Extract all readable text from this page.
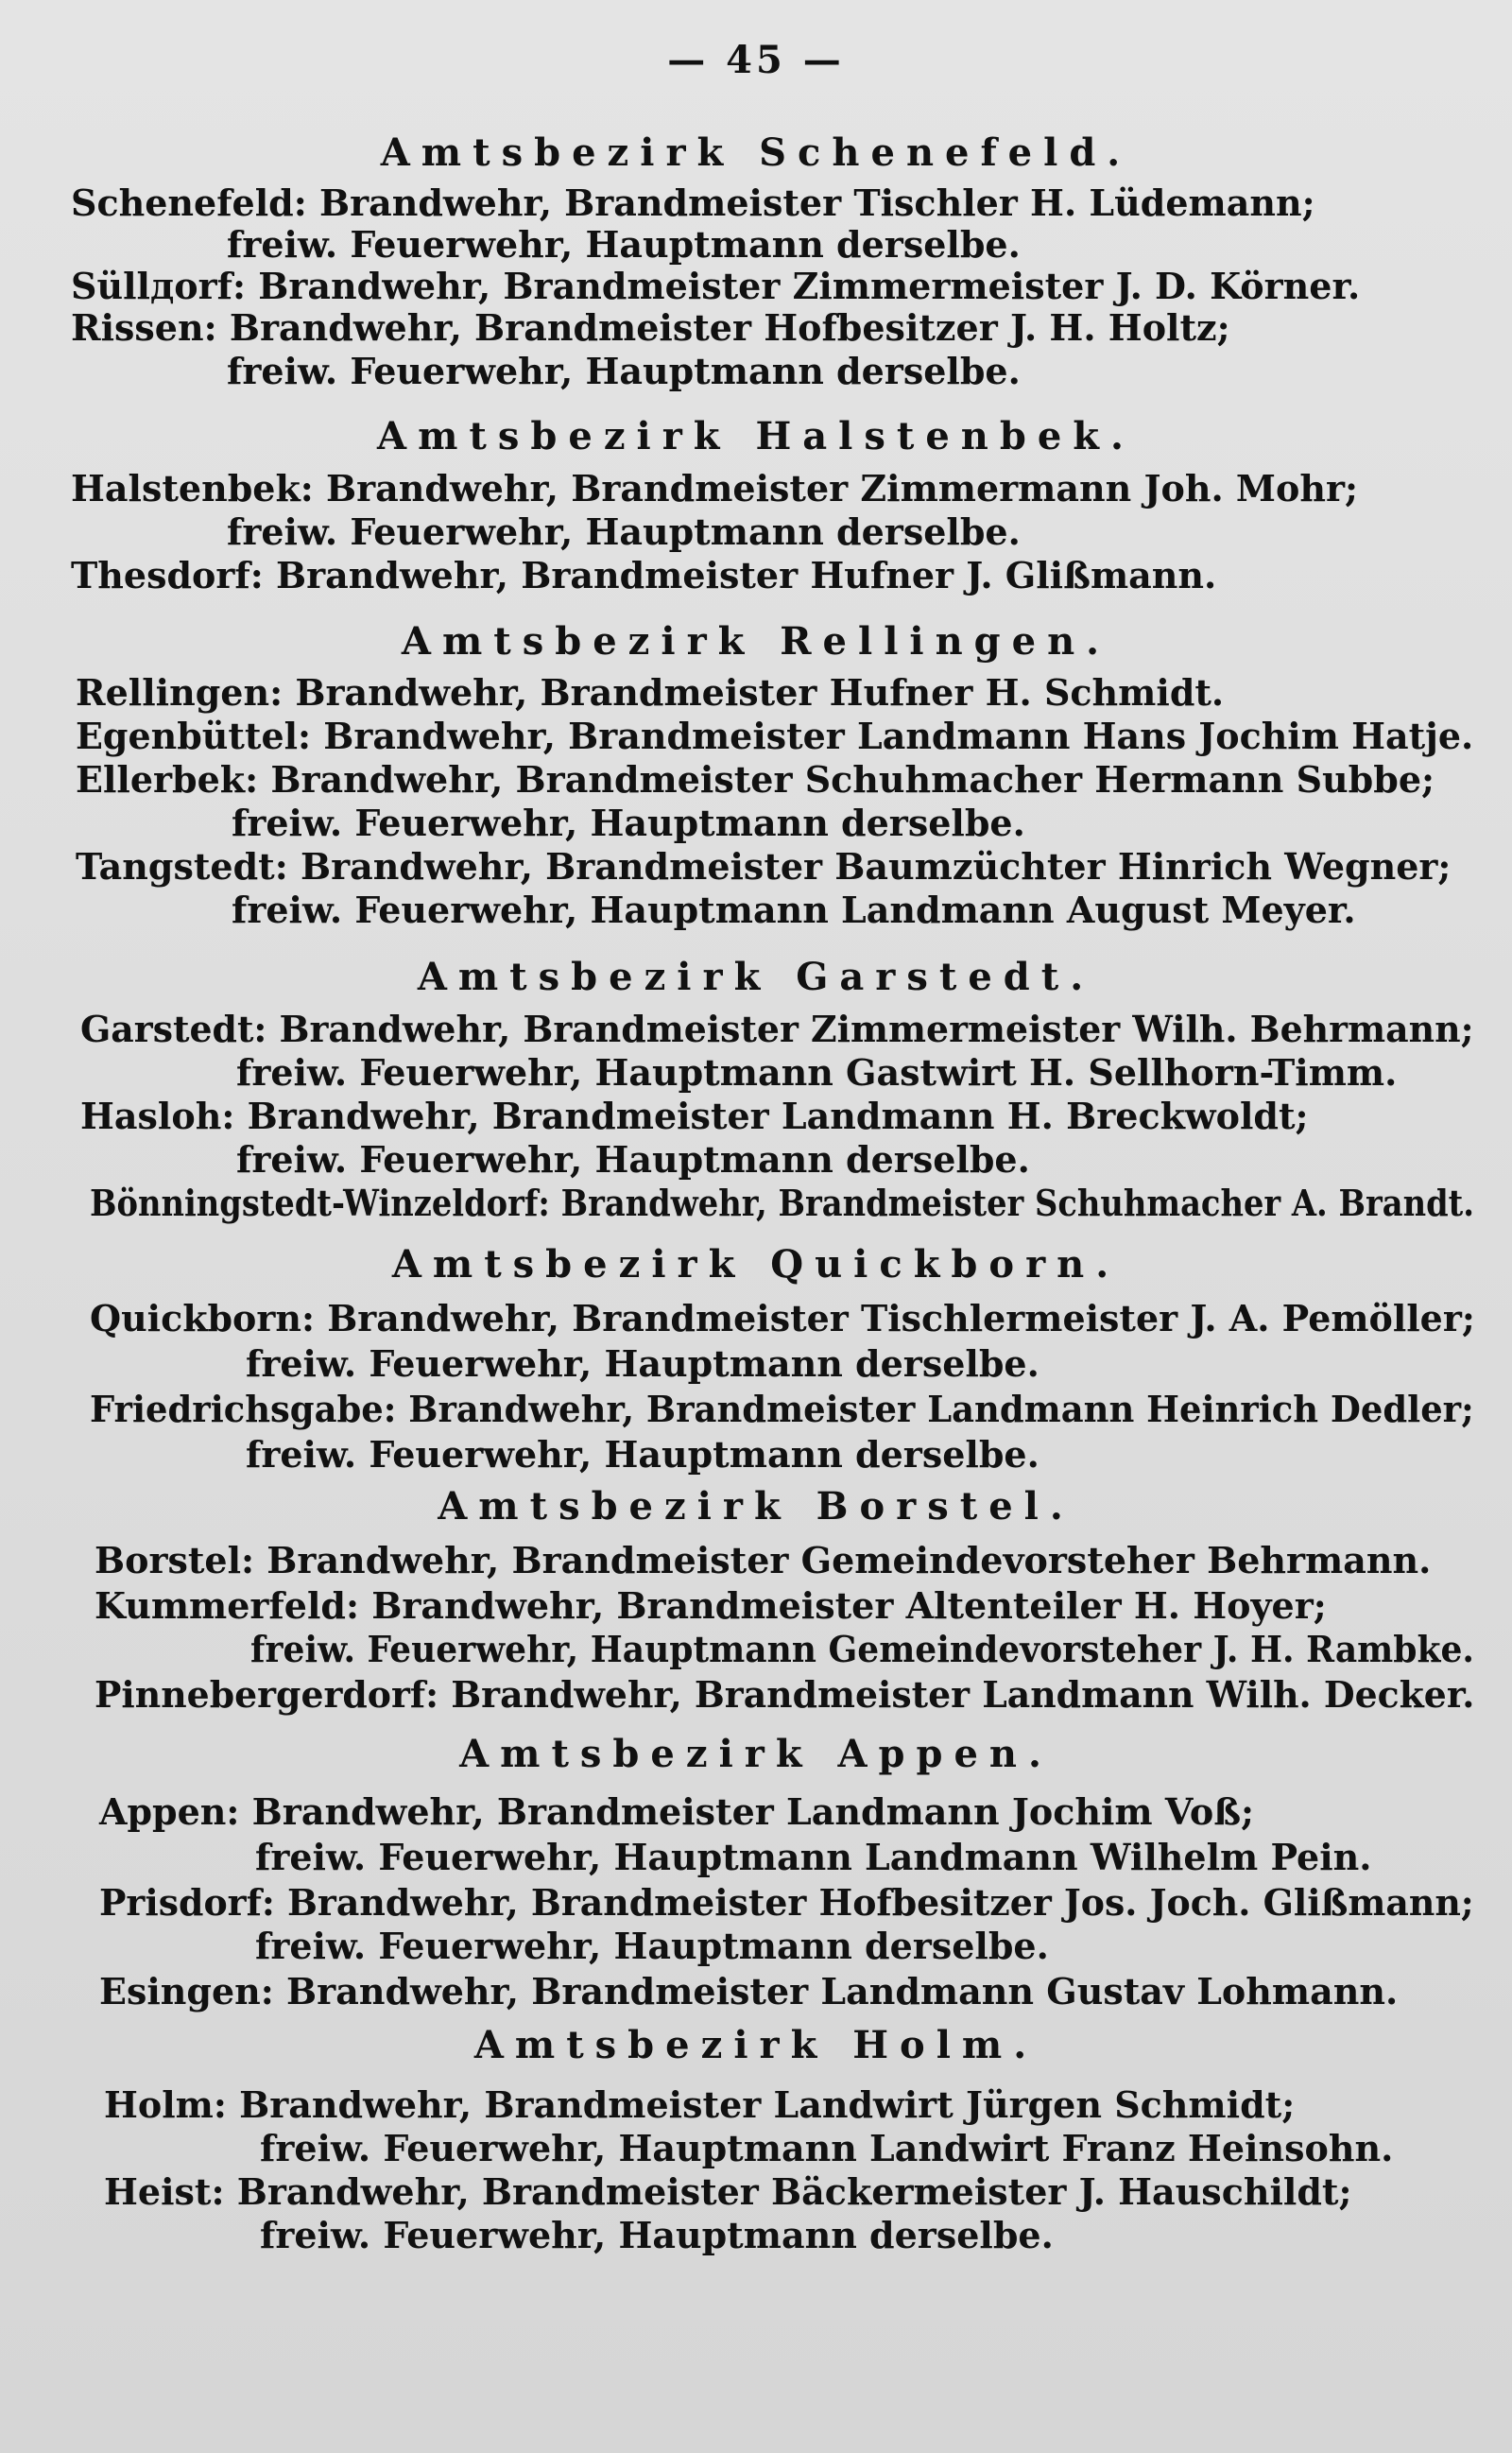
— 45 —
Amtsbezirk Schenefeld.
Schenefeld: Brandwehr, Brandmeister Tischler H. Lüdemann;
freiw. Feuerwehr, Hauptmann derselbe.
Süllдorf: Brandwehr, Brandmeister Zimmermeister J. D. Körner.
Rissen: Brandwehr, Brandmeister Hofbesitzer J. H. Holtz;
freiw. Feuerwehr, Hauptmann derselbe.
Amtsbezirk Halstenbek.
Halstenbek: Brandwehr, Brandmeister Zimmermann Joh. Mohr;
freiw. Feuerwehr, Hauptmann derselbe.
Thesdorf: Brandwehr, Brandmeister Hufner J. Glißmann.
Amtsbezirk Rellingen.
Rellingen: Brandwehr, Brandmeister Hufner H. Schmidt.
Egenbüttel: Brandwehr, Brandmeister Landmann Hans Jochim Hatje.
Ellerbek: Brandwehr, Brandmeister Schuhmacher Hermann Subbe;
freiw. Feuerwehr, Hauptmann derselbe.
Tangstedt: Brandwehr, Brandmeister Baumzüchter Hinrich Wegner;
freiw. Feuerwehr, Hauptmann Landmann August Meyer.
Amtsbezirk Garstedt.
Garstedt: Brandwehr, Brandmeister Zimmermeister Wilh. Behrmann;
freiw. Feuerwehr, Hauptmann Gastwirt H. Sellhorn-Timm.
Hasloh: Brandwehr, Brandmeister Landmann H. Breckwoldt;
freiw. Feuerwehr, Hauptmann derselbe.
Bönningstedt-Winzeldorf: Brandwehr, Brandmeister Schuhmacher A. Brandt.
Amtsbezirk Quickborn.
Quickborn: Brandwehr, Brandmeister Tischlermeister J. A. Pemöller;
freiw. Feuerwehr, Hauptmann derselbe.
Friedrichsgabe: Brandwehr, Brandmeister Landmann Heinrich Dedler;
freiw. Feuerwehr, Hauptmann derselbe.
Amtsbezirk Borstel.
Borstel: Brandwehr, Brandmeister Gemeindevorsteher Behrmann.
Kummerfeld: Brandwehr, Brandmeister Altenteiler H. Hoyer;
freiw. Feuerwehr, Hauptmann Gemeindevorsteher J. H. Rambke.
Pinnebergerdorf: Brandwehr, Brandmeister Landmann Wilh. Decker.
Amtsbezirk Appen.
Appen: Brandwehr, Brandmeister Landmann Jochim Voß;
freiw. Feuerwehr, Hauptmann Landmann Wilhelm Pein.
Prisdorf: Brandwehr, Brandmeister Hofbesitzer Jos. Joch. Glißmann;
freiw. Feuerwehr, Hauptmann derselbe.
Esingen: Brandwehr, Brandmeister Landmann Gustav Lohmann.
Amtsbezirk Holm.
Holm: Brandwehr, Brandmeister Landwirt Jürgen Schmidt;
freiw. Feuerwehr, Hauptmann Landwirt Franz Heinsohn.
Heist: Brandwehr, Brandmeister Bäckermeister J. Hauschildt;
freiw. Feuerwehr, Hauptmann derselbe.
